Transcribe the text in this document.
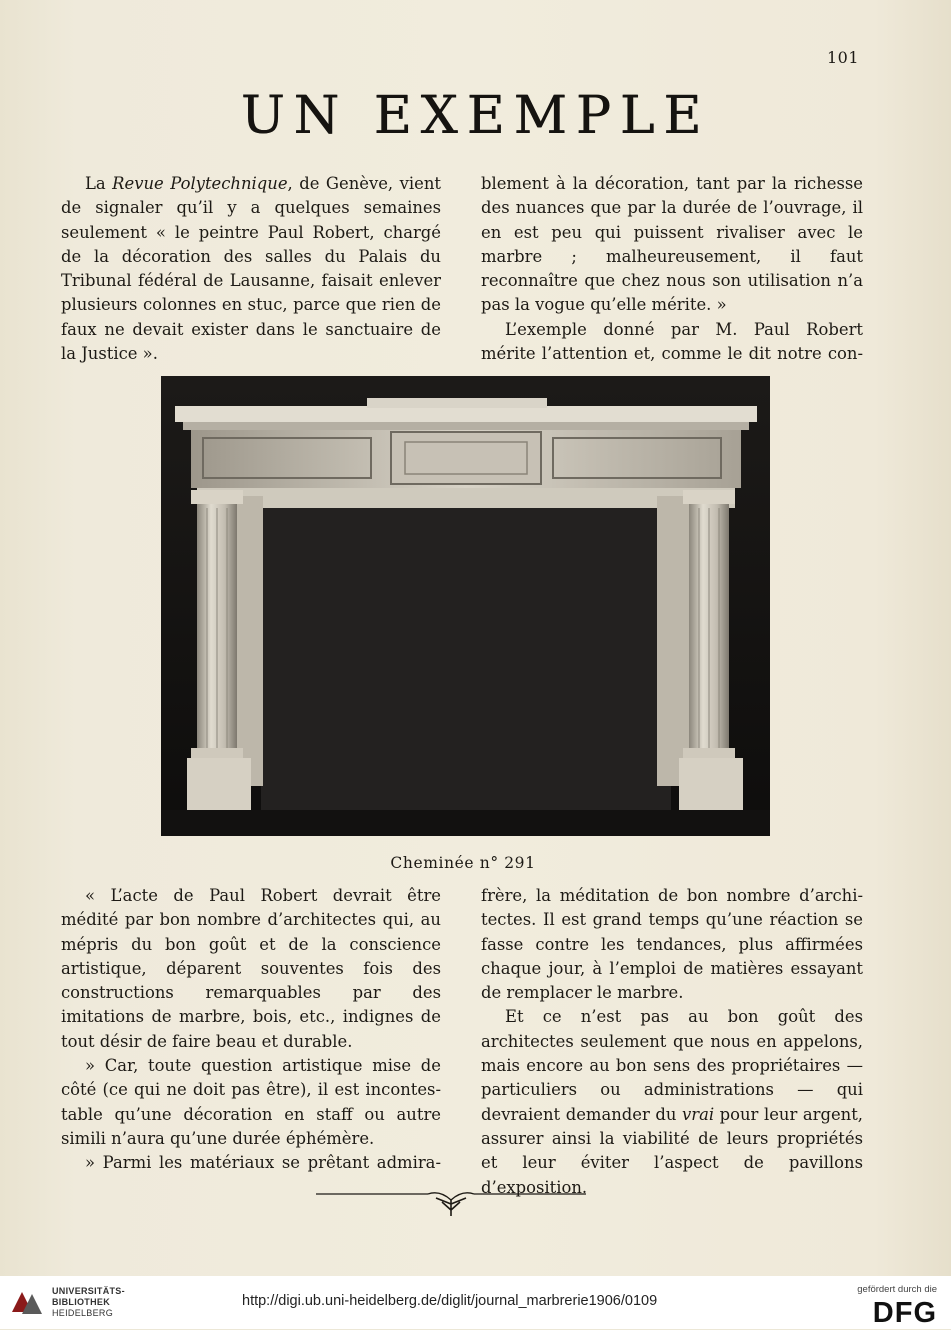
101
UN EXEMPLE

La Revue Polytechnique, de Genève, vient de signaler qu’il y a quelques semaines seulement « le peintre Paul Robert, chargé de la décoration des salles du Palais du Tribunal fédéral de Lausanne, faisait enlever plusieurs colonnes en stuc, parce que rien de faux ne devait exister dans le sanctuaire de la Justice ».

blement à la décoration, tant par la richesse des nuances que par la durée de l’ouvrage, il en est peu qui puissent rivaliser avec le marbre ; malheureusement, il faut reconnaître que chez nous son utilisation n’a pas la vogue qu’elle mérite. »

L’exemple donné par M. Paul Robert mérite l’attention et, comme le dit notre con-

Cheminée n° 291

« L’acte de Paul Robert devrait être médité par bon nombre d’architectes qui, au mépris du bon goût et de la conscience artistique, déparent souventes fois des constructions remarquables par des imitations de marbre, bois, etc., indignes de tout désir de faire beau et durable.

» Car, toute question artistique mise de côté (ce qui ne doit pas être), il est incontestable qu’une décoration en staff ou autre simili n’aura qu’une durée éphémère.

» Parmi les matériaux se prêtant admira-

frère, la méditation de bon nombre d’architectes. Il est grand temps qu’une réaction se fasse contre les tendances, plus affirmées chaque jour, à l’emploi de matières essayant de remplacer le marbre.

Et ce n’est pas au bon goût des architectes seulement que nous en appelons, mais encore au bon sens des propriétaires — particuliers ou administrations — qui devraient demander du vrai pour leur argent, assurer ainsi la viabilité de leurs propriétés et leur éviter l’aspect de pavillons d’exposition.

UNIVERSITÄTS-
BIBLIOTHEK
HEIDELBERG
http://digi.ub.uni-heidelberg.de/diglit/journal_marbrerie1906/0109
gefördert durch die
DFG
